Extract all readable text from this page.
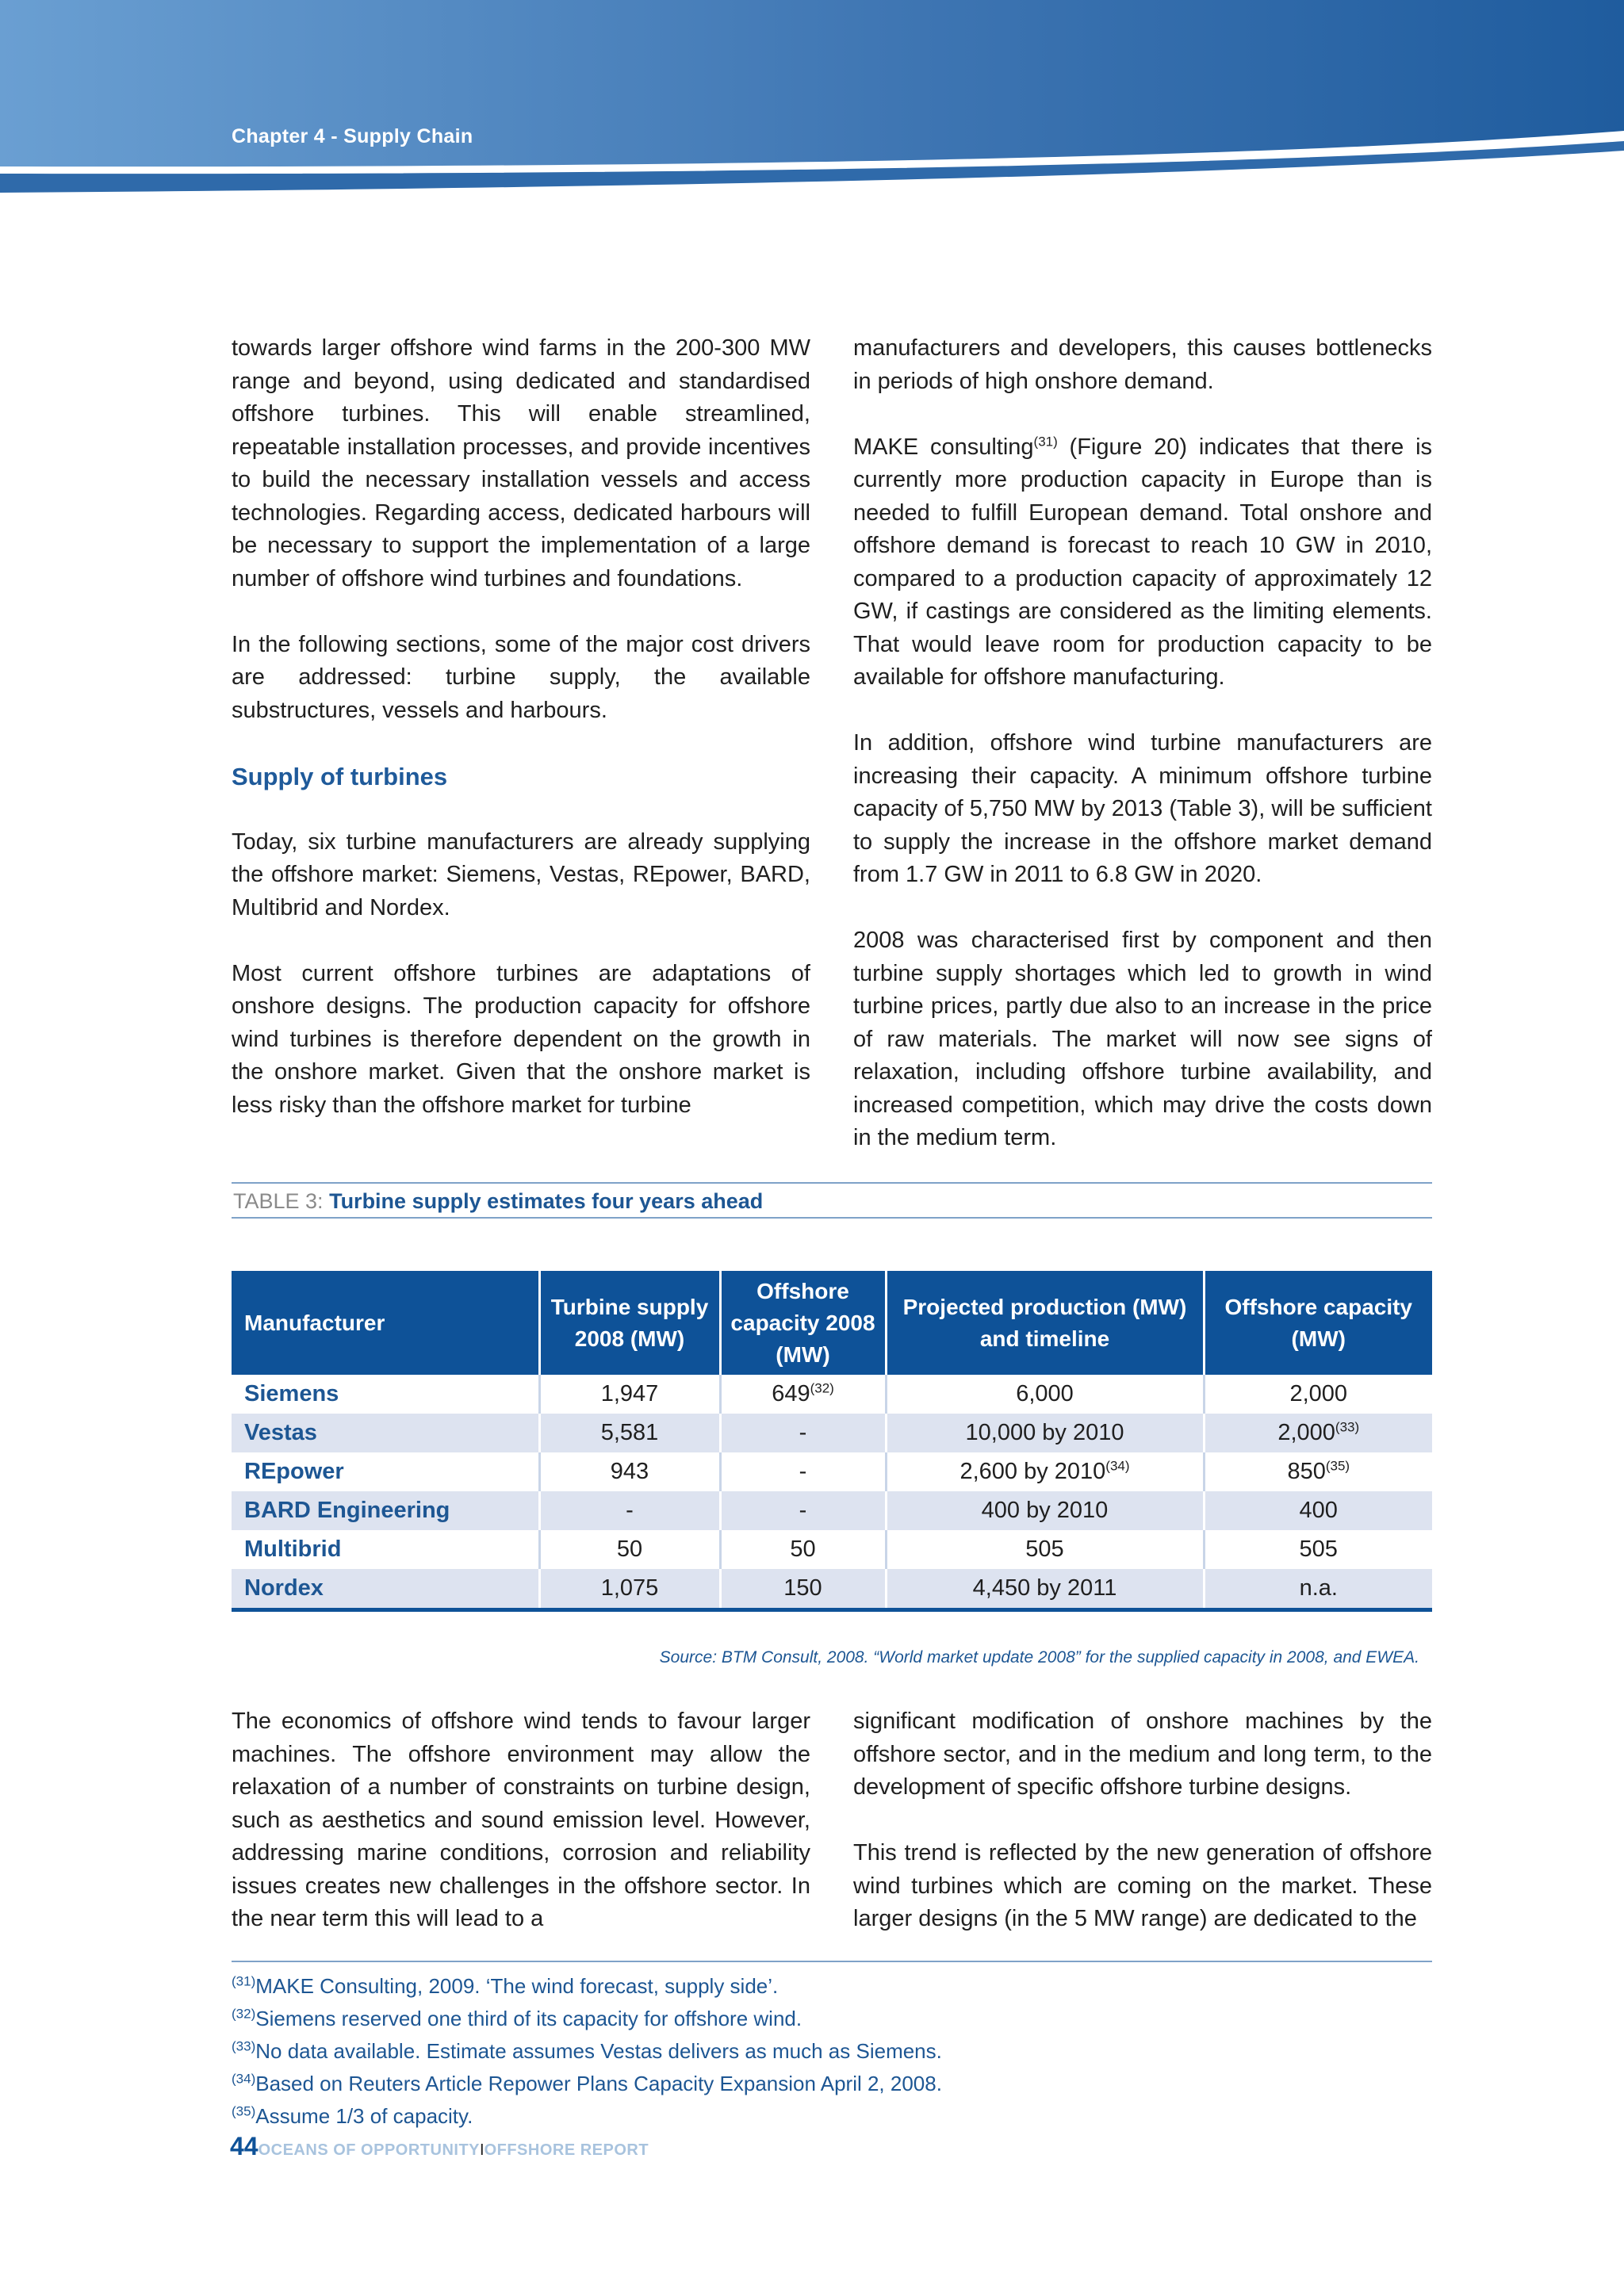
Chapter 4 - Supply Chain

towards larger offshore wind farms in the 200-300 MW range and beyond, using dedicated and standardised offshore turbines. This will enable streamlined, repeatable installation processes, and provide incentives to build the necessary installation vessels and access technologies. Regarding access, dedicated harbours will be necessary to support the implementation of a large number of offshore wind turbines and foundations.

In the following sections, some of the major cost drivers are addressed: turbine supply, the available substructures, vessels and harbours.

Supply of turbines

Today, six turbine manufacturers are already supplying the offshore market: Siemens, Vestas, REpower, BARD, Multibrid and Nordex.

Most current offshore turbines are adaptations of onshore designs. The production capacity for offshore wind turbines is therefore dependent on the growth in the onshore market. Given that the onshore market is less risky than the offshore market for turbine

manufacturers and developers, this causes bottlenecks in periods of high onshore demand.

MAKE consulting$^{(31)}$ (Figure 20) indicates that there is currently more production capacity in Europe than is needed to fulfill European demand. Total onshore and offshore demand is forecast to reach 10 GW in 2010, compared to a production capacity of approximately 12 GW, if castings are considered as the limiting elements. That would leave room for production capacity to be available for offshore manufacturing.

In addition, offshore wind turbine manufacturers are increasing their capacity. A minimum offshore turbine capacity of 5,750 MW by 2013 (Table 3), will be sufficient to supply the increase in the offshore market demand from 1.7 GW in 2011 to 6.8 GW in 2020.

2008 was characterised first by component and then turbine supply shortages which led to growth in wind turbine prices, partly due also to an increase in the price of raw materials. The market will now see signs of relaxation, including offshore turbine availability, and increased competition, which may drive the costs down in the medium term.

TABLE 3: Turbine supply estimates four years ahead
Manufacturer	Turbine supply 2008 (MW)	Offshore capacity 2008 (MW)	Projected production (MW) and timeline	Offshore capacity (MW)
Siemens	1,947	649$^{(32)}$	6,000	2,000
Vestas	5,581	-	10,000 by 2010	2,000$^{(33)}$
REpower	943	-	2,600 by 2010$^{(34)}$	850$^{(35)}$
BARD Engineering	-	-	400 by 2010	400
Multibrid	50	50	505	505
Nordex	1,075	150	4,450 by 2011	n.a.
Source: BTM Consult, 2008. “World market update 2008” for the supplied capacity in 2008, and EWEA.

The economics of offshore wind tends to favour larger machines. The offshore environment may allow the relaxation of a number of constraints on turbine design, such as aesthetics and sound emission level. However, addressing marine conditions, corrosion and reliability issues creates new challenges in the offshore sector. In the near term this will lead to a

significant modification of onshore machines by the offshore sector, and in the medium and long term, to the development of specific offshore turbine designs.

This trend is reflected by the new generation of offshore wind turbines which are coming on the market. These larger designs (in the 5 MW range) are dedicated to the

$^{(31)}$MAKE Consulting, 2009. ‘The wind forecast, supply side’.
$^{(32)}$Siemens reserved one third of its capacity for offshore wind.
$^{(33)}$No data available. Estimate assumes Vestas delivers as much as Siemens.
$^{(34)}$Based on Reuters Article Repower Plans Capacity Expansion April 2, 2008.
$^{(35)}$Assume 1/3 of capacity.
44OCEANS OF OPPORTUNITYIOFFSHORE REPORT
